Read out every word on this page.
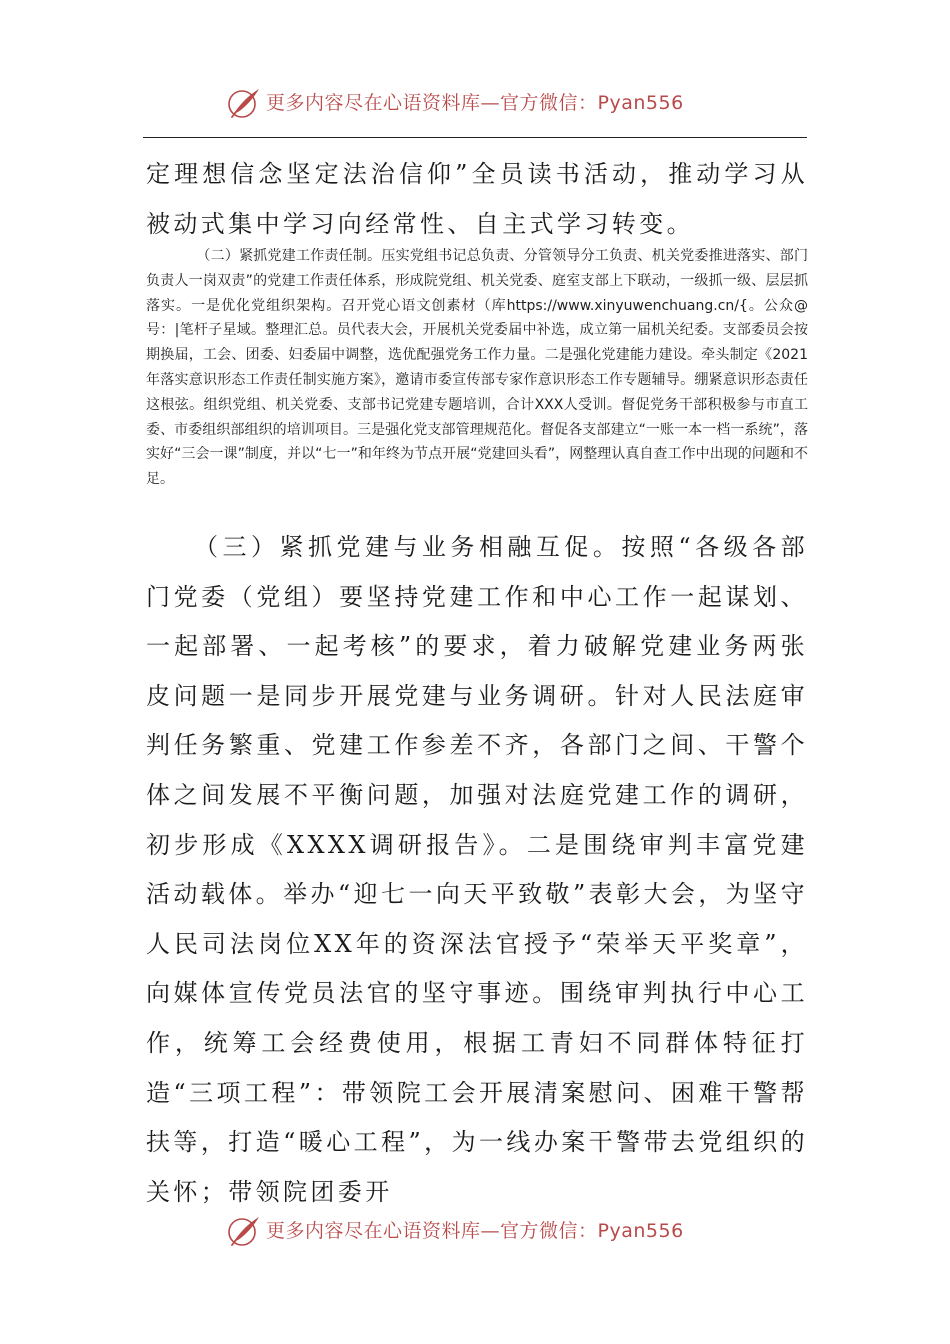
更多内容尽在心语资料库—官方微信：Pyan556

定理想信念坚定法治信仰”全员读书活动，推动学习从被动式集中学习向经常性、自主式学习转变。

（二）紧抓党建工作责任制。压实党组书记总负责、分管领导分工负责、机关党委推进落实、部门负责人一岗双责”的党建工作责任体系，形成院党组、机关党委、庭室支部上下联动，一级抓一级、层层抓落实。一是优化党组织架构。召开党心语文创素材（库https://www.xinyuwenchuang.cn/{。公众@号：|笔杆子星域。整理汇总。员代表大会，开展机关党委届中补选，成立第一届机关纪委。支部委员会按期换届，工会、团委、妇委届中调整，选优配强党务工作力量。二是强化党建能力建设。牵头制定《2021年落实意识形态工作责任制实施方案》，邀请市委宣传部专家作意识形态工作专题辅导。绷紧意识形态责任这根弦。组织党组、机关党委、支部书记党建专题培训，合计XXX人受训。督促党务干部积极参与市直工委、市委组织部组织的培训项目。三是强化党支部管理规范化。督促各支部建立“一账一本一档一系统”，落实好“三会一课”制度，并以“七一”和年终为节点开展“党建回头看”，网整理认真自查工作中出现的问题和不足。

（三）紧抓党建与业务相融互促。按照“各级各部门党委（党组）要坚持党建工作和中心工作一起谋划、一起部署、一起考核”的要求，着力破解党建业务两张皮问题一是同步开展党建与业务调研。针对人民法庭审判任务繁重、党建工作参差不齐，各部门之间、干警个体之间发展不平衡问题，加强对法庭党建工作的调研，初步形成《XXXX调研报告》。二是围绕审判丰富党建活动载体。举办“迎七一向天平致敬”表彰大会，为坚守人民司法岗位XX年的资深法官授予“荣举天平奖章”，向媒体宣传党员法官的坚守事迹。围绕审判执行中心工作，统筹工会经费使用，根据工青妇不同群体特征打造“三项工程”：带领院工会开展清案慰问、困难干警帮扶等，打造“暖心工程”，为一线办案干警带去党组织的关怀；带领院团委开

更多内容尽在心语资料库—官方微信：Pyan556
